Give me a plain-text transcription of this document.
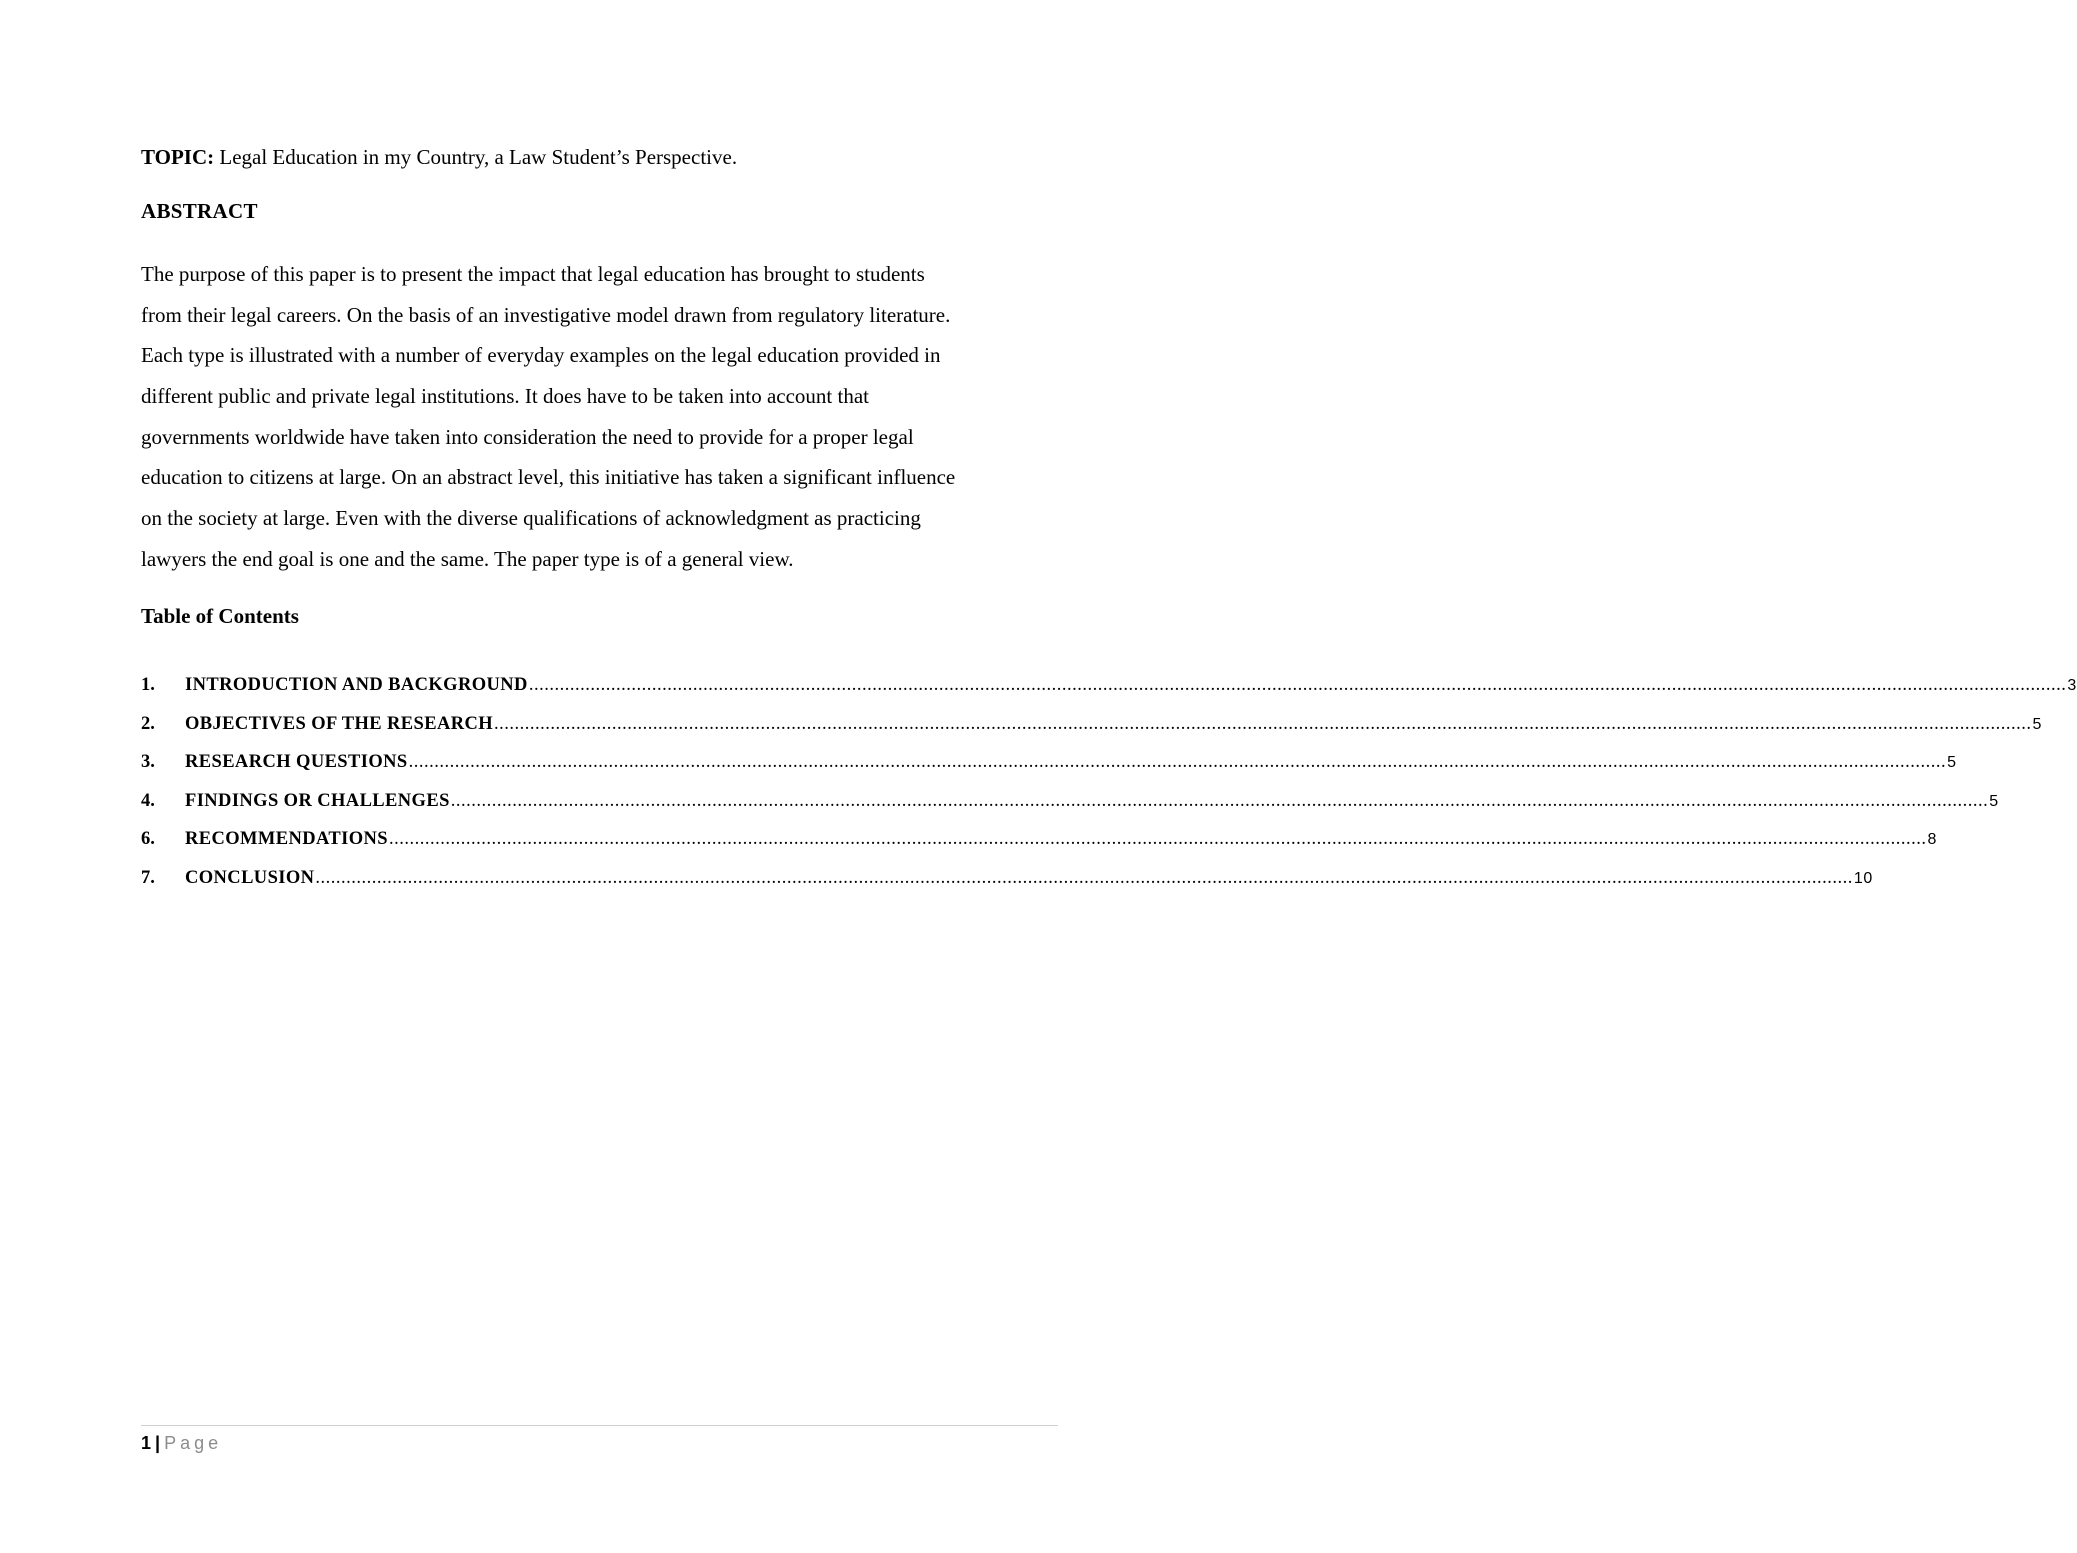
TOPIC: Legal Education in my Country, a Law Student’s Perspective.
ABSTRACT
The purpose of this paper is to present the impact that legal education has brought to students
from their legal careers. On the basis of an investigative model drawn from regulatory literature.
Each type is illustrated with a number of everyday examples on the legal education provided in
different public and private legal institutions. It does have to be taken into account that
governments worldwide have taken into consideration the need to provide for a proper legal
education to citizens at large. On an abstract level, this initiative has taken a significant influence
on the society at large. Even with the diverse qualifications of acknowledgment as practicing
lawyers the end goal is one and the same. The paper type is of a general view.
Table of Contents
1.	INTRODUCTION AND BACKGROUND ............................................................................................................................................................................................................................................................................................................ 3
2.	OBJECTIVES OF THE RESEARCH ............................................................................................................................................................................................................................................................................................................ 5
3.	RESEARCH QUESTIONS ............................................................................................................................................................................................................................................................................................................ 5
4.	FINDINGS OR CHALLENGES ............................................................................................................................................................................................................................................................................................................ 5
6.	RECOMMENDATIONS ............................................................................................................................................................................................................................................................................................................ 8
7.	CONCLUSION ............................................................................................................................................................................................................................................................................................................ 10
1 | Page
